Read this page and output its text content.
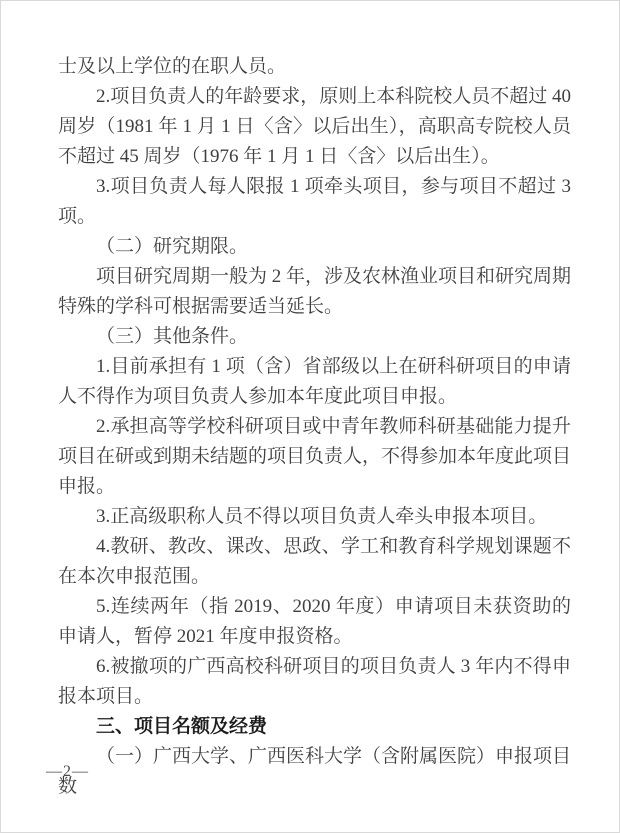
士及以上学位的在职人员。

2.项目负责人的年龄要求，原则上本科院校人员不超过 40 周岁（1981 年 1 月 1 日〈含〉以后出生），高职高专院校人员不超过 45 周岁（1976 年 1 月 1 日〈含〉以后出生）。

3.项目负责人每人限报 1 项牵头项目，参与项目不超过 3 项。

（二）研究期限。

项目研究周期一般为 2 年，涉及农林渔业项目和研究周期特殊的学科可根据需要适当延长。

（三）其他条件。

1.目前承担有 1 项（含）省部级以上在研科研项目的申请人不得作为项目负责人参加本年度此项目申报。

2.承担高等学校科研项目或中青年教师科研基础能力提升项目在研或到期未结题的项目负责人，不得参加本年度此项目申报。

3.正高级职称人员不得以项目负责人牵头申报本项目。

4.教研、教改、课改、思政、学工和教育科学规划课题不在本次申报范围。

5.连续两年（指 2019、2020 年度）申请项目未获资助的申请人，暂停 2021 年度申报资格。

6.被撤项的广西高校科研项目的项目负责人 3 年内不得申报本项目。

三、项目名额及经费

（一）广西大学、广西医科大学（含附属医院）申报项目数

—2—
